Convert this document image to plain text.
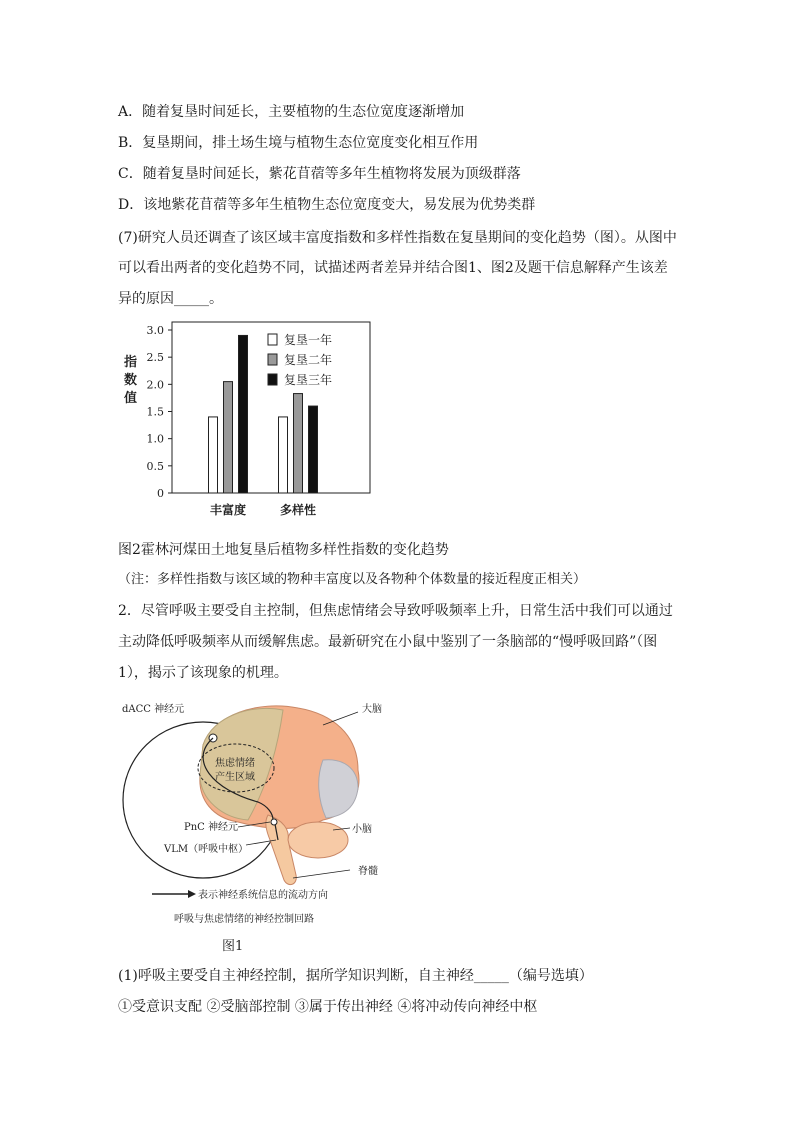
A．随着复垦时间延长，主要植物的生态位宽度逐渐增加
B．复垦期间，排土场生境与植物生态位宽度变化相互作用
C．随着复垦时间延长，紫花苜蓿等多年生植物将发展为顶级群落
D．该地紫花苜蓿等多年生植物生态位宽度变大，易发展为优势类群
(7)研究人员还调查了该区域丰富度指数和多样性指数在复垦期间的变化趋势（图）。从图中
可以看出两者的变化趋势不同，试描述两者差异并结合图1、图2及题干信息解释产生该差
异的原因_____。
指
数
值
0
0.5
1.0
1.5
2.0
2.5
3.0
丰富度	多样性
复垦一年
复垦二年
复垦三年
图2霍林河煤田土地复垦后植物多样性指数的变化趋势
（注：多样性指数与该区域的物种丰富度以及各物种个体数量的接近程度正相关）
2．尽管呼吸主要受自主控制，但焦虑情绪会导致呼吸频率上升，日常生活中我们可以通过
主动降低呼吸频率从而缓解焦虑。最新研究在小鼠中鉴别了一条脑部的“慢呼吸回路”（图
1），揭示了该现象的机理。
dACC 神经元	大脑
焦虑情绪
产生区域
PnC 神经元
VLM（呼吸中枢）
小脑
脊髓
表示神经系统信息的流动方向
呼吸与焦虑情绪的神经控制回路
图1
(1)呼吸主要受自主神经控制，据所学知识判断，自主神经_____（编号选填）
①受意识支配 ②受脑部控制 ③属于传出神经 ④将冲动传向神经中枢
